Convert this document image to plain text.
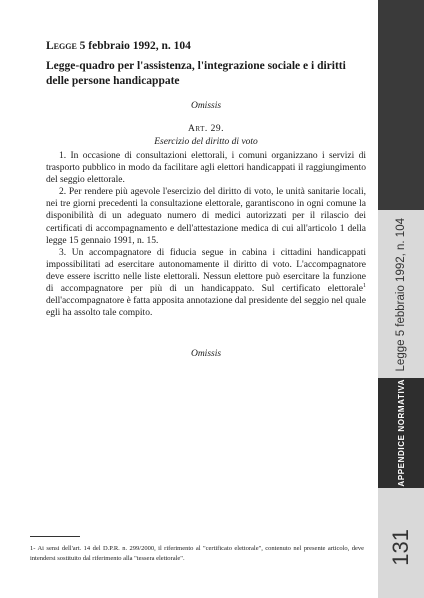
Legge 5 febbraio 1992, n. 104
Legge-quadro per l'assistenza, l'integrazione sociale e i diritti delle persone handicappate
Omissis
Art. 29.
Esercizio del diritto di voto

1. In occasione di consultazioni elettorali, i comuni organizzano i servizi di trasporto pubblico in modo da facilitare agli elettori handicappati il raggiungimento del seggio elettorale.

2. Per rendere più agevole l'esercizio del diritto di voto, le unità sanitarie locali, nei tre giorni precedenti la consultazione elettorale, garantiscono in ogni comune la disponibilità di un adeguato numero di medici autorizzati per il rilascio dei certificati di accompagnamento e dell'attestazione medica di cui all'articolo 1 della legge 15 gennaio 1991, n. 15.

3. Un accompagnatore di fiducia segue in cabina i cittadini handicappati impossibilitati ad esercitare autonomamente il diritto di voto. L'accompagnatore deve essere iscritto nelle liste elettorali. Nessun elettore può esercitare la funzione di accompagnatore per più di un handicappato. Sul certificato elettorale$^1$ dell'accompagnatore è fatta apposita annotazione dal presidente del seggio nel quale egli ha assolto tale compito.

Omissis
1- Ai sensi dell'art. 14 del D.P.R. n. 299/2000, il riferimento al "certificato elettorale", contenuto nel presente articolo, deve intendersi sostituito dal riferimento alla "tessera elettorale".
Legge 5 febbraio 1992, n. 104
APPENDICE NORMATIVA
131
